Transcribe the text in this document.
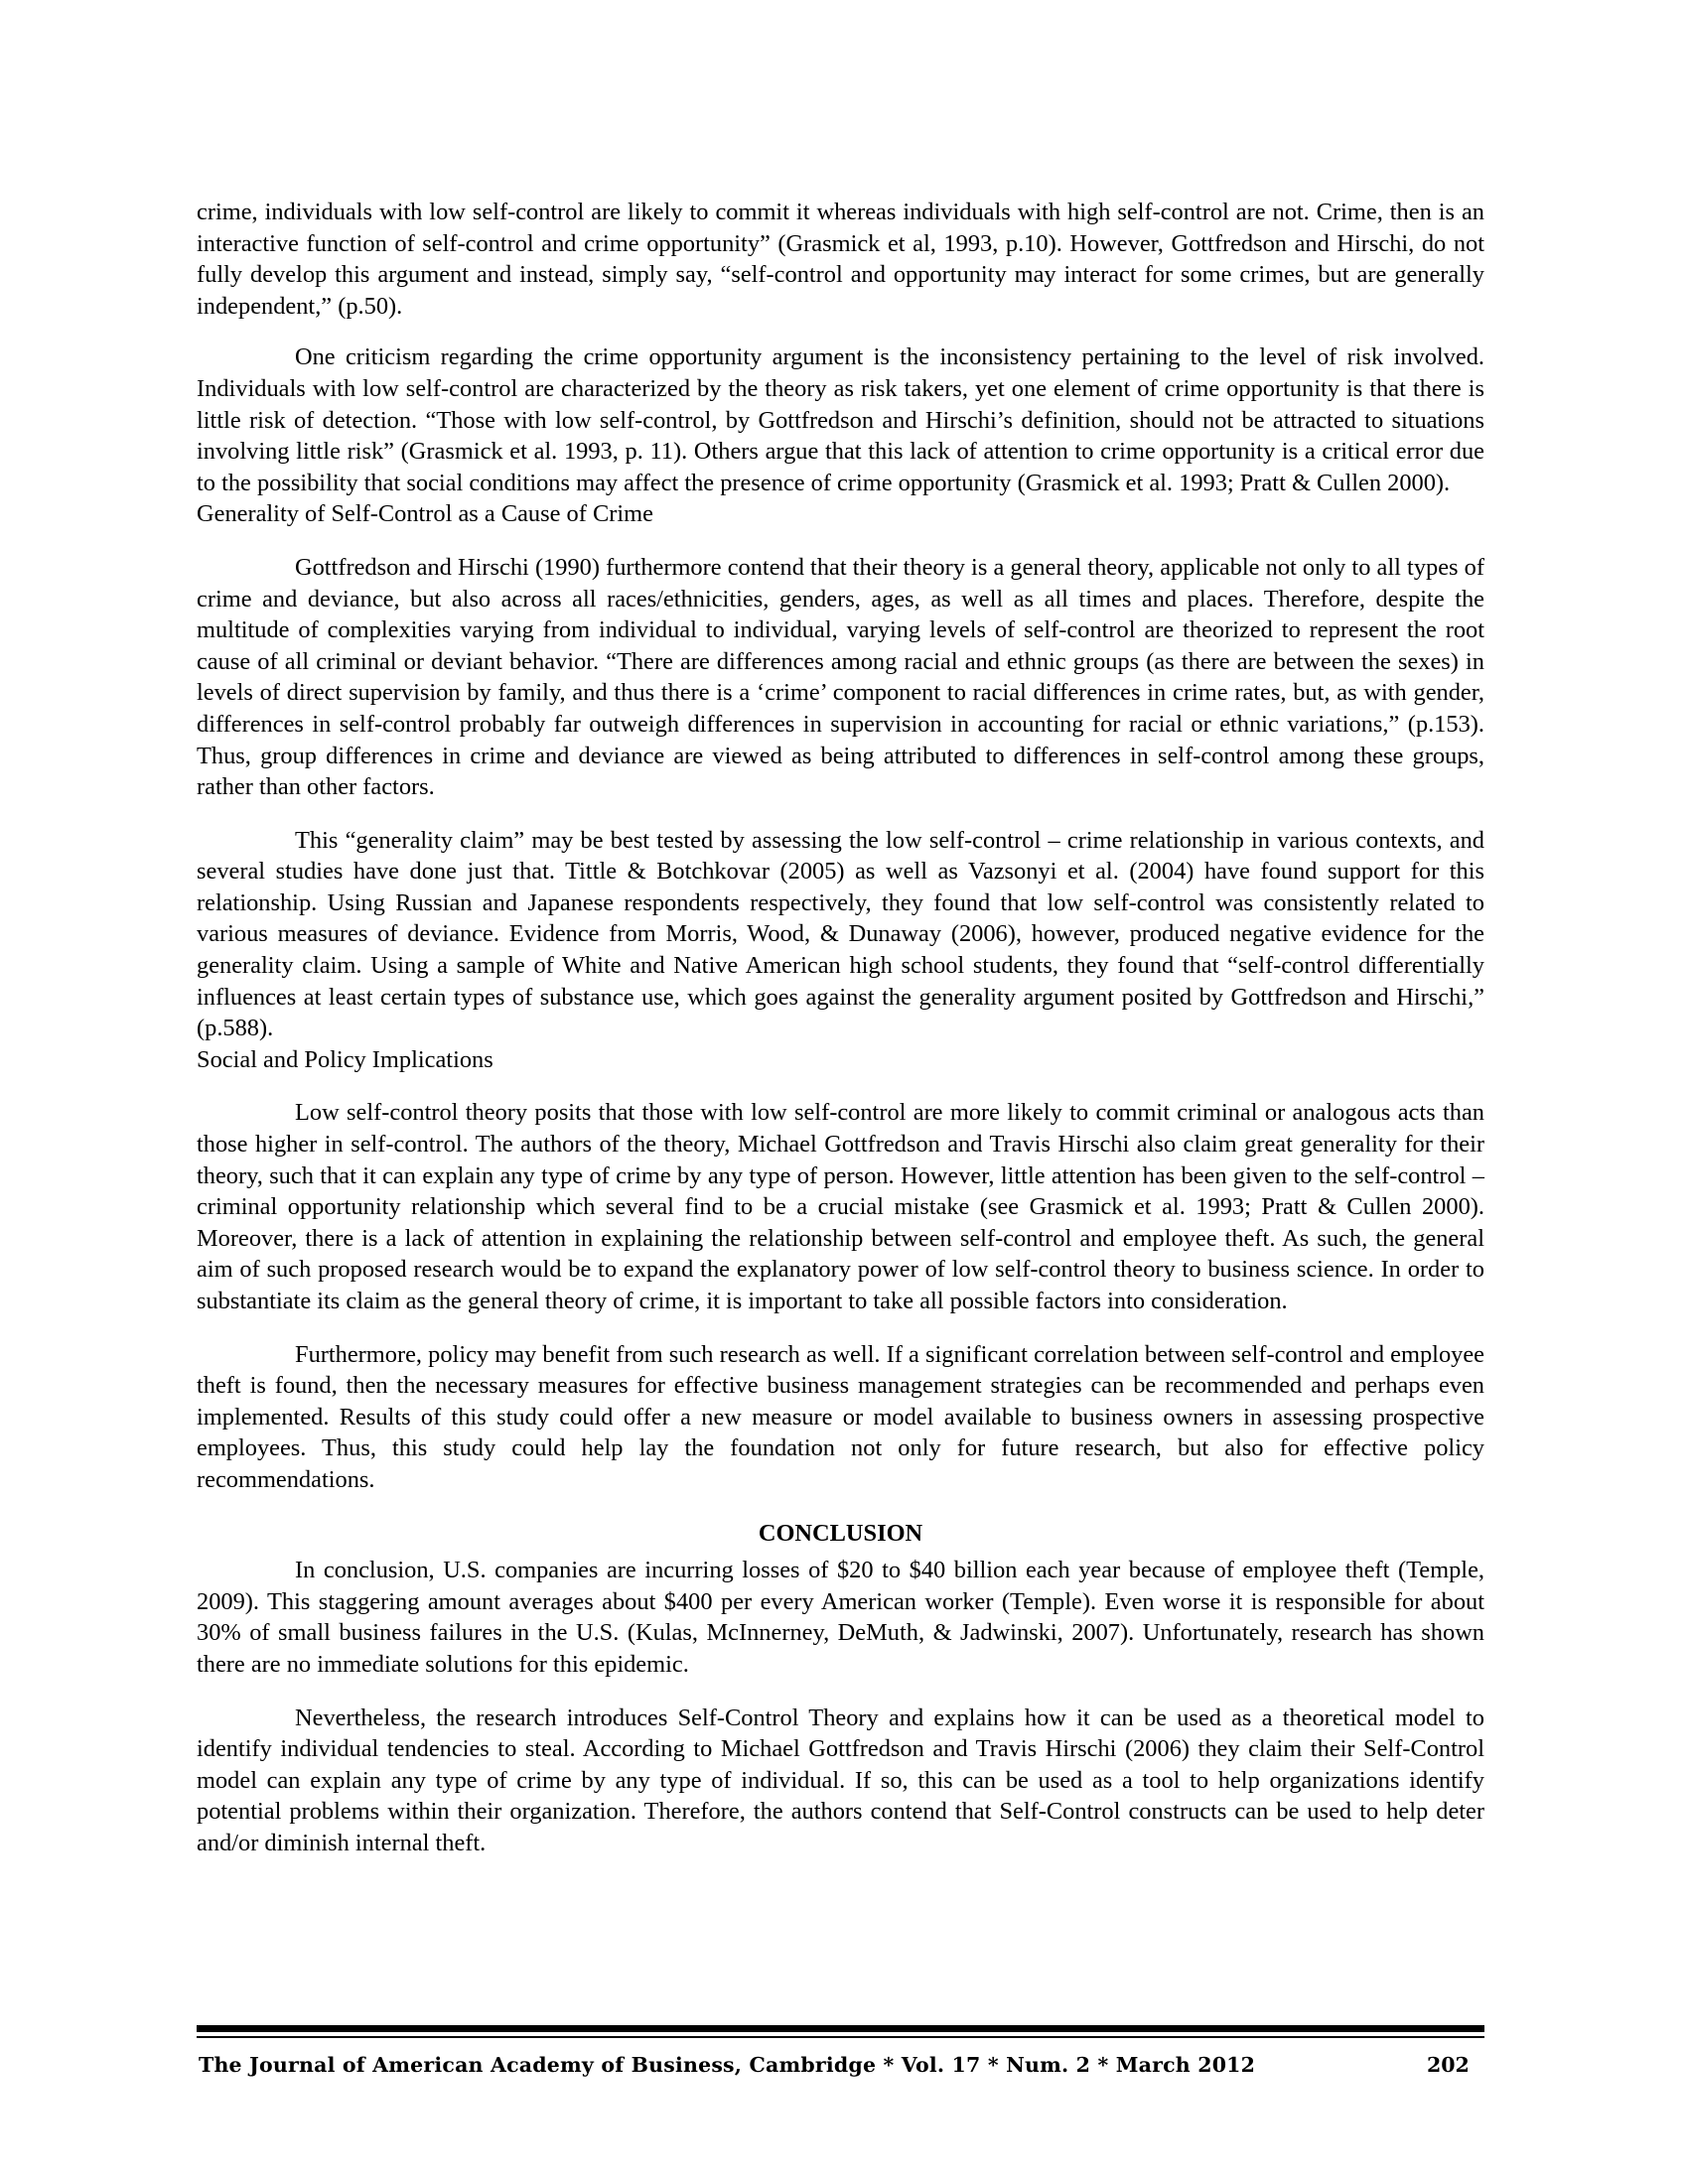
crime, individuals with low self-control are likely to commit it whereas individuals with high self-control are not. Crime, then is an interactive function of self-control and crime opportunity” (Grasmick et al, 1993, p.10). However, Gottfredson and Hirschi, do not fully develop this argument and instead, simply say, “self-control and opportunity may interact for some crimes, but are generally independent,” (p.50).

One criticism regarding the crime opportunity argument is the inconsistency pertaining to the level of risk involved. Individuals with low self-control are characterized by the theory as risk takers, yet one element of crime opportunity is that there is little risk of detection. “Those with low self-control, by Gottfredson and Hirschi’s definition, should not be attracted to situations involving little risk” (Grasmick et al. 1993, p. 11). Others argue that this lack of attention to crime opportunity is a critical error due to the possibility that social conditions may affect the presence of crime opportunity (Grasmick et al. 1993; Pratt & Cullen 2000).

Generality of Self-Control as a Cause of Crime

Gottfredson and Hirschi (1990) furthermore contend that their theory is a general theory, applicable not only to all types of crime and deviance, but also across all races/ethnicities, genders, ages, as well as all times and places. Therefore, despite the multitude of complexities varying from individual to individual, varying levels of self-control are theorized to represent the root cause of all criminal or deviant behavior. “There are differences among racial and ethnic groups (as there are between the sexes) in levels of direct supervision by family, and thus there is a ‘crime’ component to racial differences in crime rates, but, as with gender, differences in self-control probably far outweigh differences in supervision in accounting for racial or ethnic variations,” (p.153). Thus, group differences in crime and deviance are viewed as being attributed to differences in self-control among these groups, rather than other factors.

This “generality claim” may be best tested by assessing the low self-control – crime relationship in various contexts, and several studies have done just that. Tittle & Botchkovar (2005) as well as Vazsonyi et al. (2004) have found support for this relationship. Using Russian and Japanese respondents respectively, they found that low self-control was consistently related to various measures of deviance. Evidence from Morris, Wood, & Dunaway (2006), however, produced negative evidence for the generality claim. Using a sample of White and Native American high school students, they found that “self-control differentially influences at least certain types of substance use, which goes against the generality argument posited by Gottfredson and Hirschi,” (p.588).

Social and Policy Implications

Low self-control theory posits that those with low self-control are more likely to commit criminal or analogous acts than those higher in self-control. The authors of the theory, Michael Gottfredson and Travis Hirschi also claim great generality for their theory, such that it can explain any type of crime by any type of person. However, little attention has been given to the self-control – criminal opportunity relationship which several find to be a crucial mistake (see Grasmick et al. 1993; Pratt & Cullen 2000). Moreover, there is a lack of attention in explaining the relationship between self-control and employee theft. As such, the general aim of such proposed research would be to expand the explanatory power of low self-control theory to business science. In order to substantiate its claim as the general theory of crime, it is important to take all possible factors into consideration.

Furthermore, policy may benefit from such research as well. If a significant correlation between self-control and employee theft is found, then the necessary measures for effective business management strategies can be recommended and perhaps even implemented. Results of this study could offer a new measure or model available to business owners in assessing prospective employees. Thus, this study could help lay the foundation not only for future research, but also for effective policy recommendations.

CONCLUSION

In conclusion, U.S. companies are incurring losses of $20 to $40 billion each year because of employee theft (Temple, 2009). This staggering amount averages about $400 per every American worker (Temple). Even worse it is responsible for about 30% of small business failures in the U.S. (Kulas, McInnerney, DeMuth, & Jadwinski, 2007). Unfortunately, research has shown there are no immediate solutions for this epidemic.

Nevertheless, the research introduces Self-Control Theory and explains how it can be used as a theoretical model to identify individual tendencies to steal. According to Michael Gottfredson and Travis Hirschi (2006) they claim their Self-Control model can explain any type of crime by any type of individual. If so, this can be used as a tool to help organizations identify potential problems within their organization. Therefore, the authors contend that Self-Control constructs can be used to help deter and/or diminish internal theft.

The Journal of American Academy of Business, Cambridge * Vol. 17 * Num. 2 * March 2012	202
